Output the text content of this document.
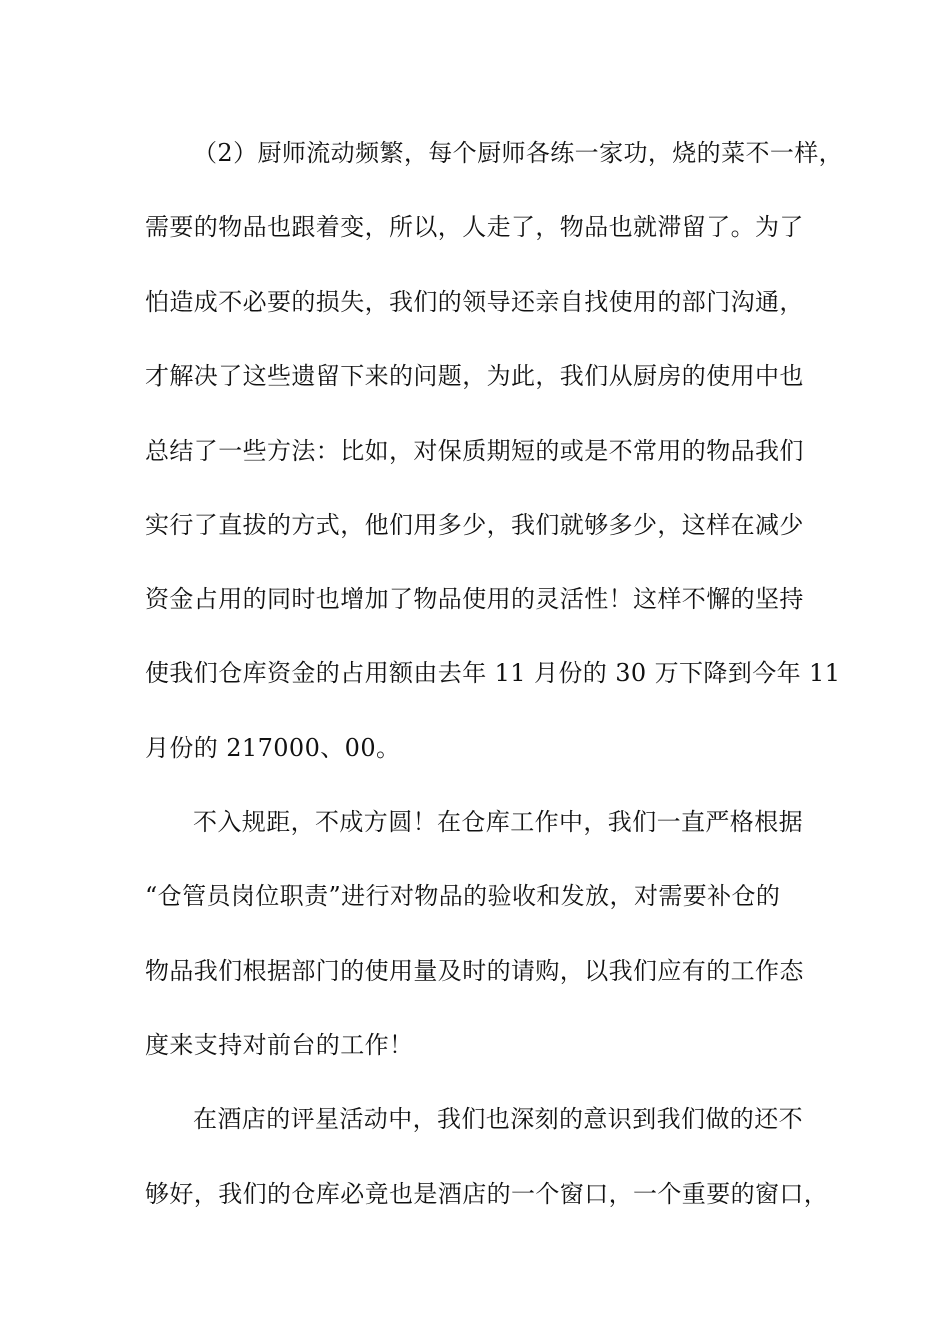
（2）厨师流动频繁，每个厨师各练一家功，烧的菜不一样，
需要的物品也跟着变，所以，人走了，物品也就滞留了。为了
怕造成不必要的损失，我们的领导还亲自找使用的部门沟通，
才解决了这些遗留下来的问题，为此，我们从厨房的使用中也
总结了一些方法：比如，对保质期短的或是不常用的物品我们
实行了直拔的方式，他们用多少，我们就够多少，这样在减少
资金占用的同时也增加了物品使用的灵活性！这样不懈的坚持
使我们仓库资金的占用额由去年 11 月份的 30 万下降到今年 11
月份的 217000、00。
不入规距，不成方圆！在仓库工作中，我们一直严格根据
“仓管员岗位职责”进行对物品的验收和发放，对需要补仓的
物品我们根据部门的使用量及时的请购，以我们应有的工作态
度来支持对前台的工作！
在酒店的评星活动中，我们也深刻的意识到我们做的还不
够好，我们的仓库必竟也是酒店的一个窗口，一个重要的窗口，
